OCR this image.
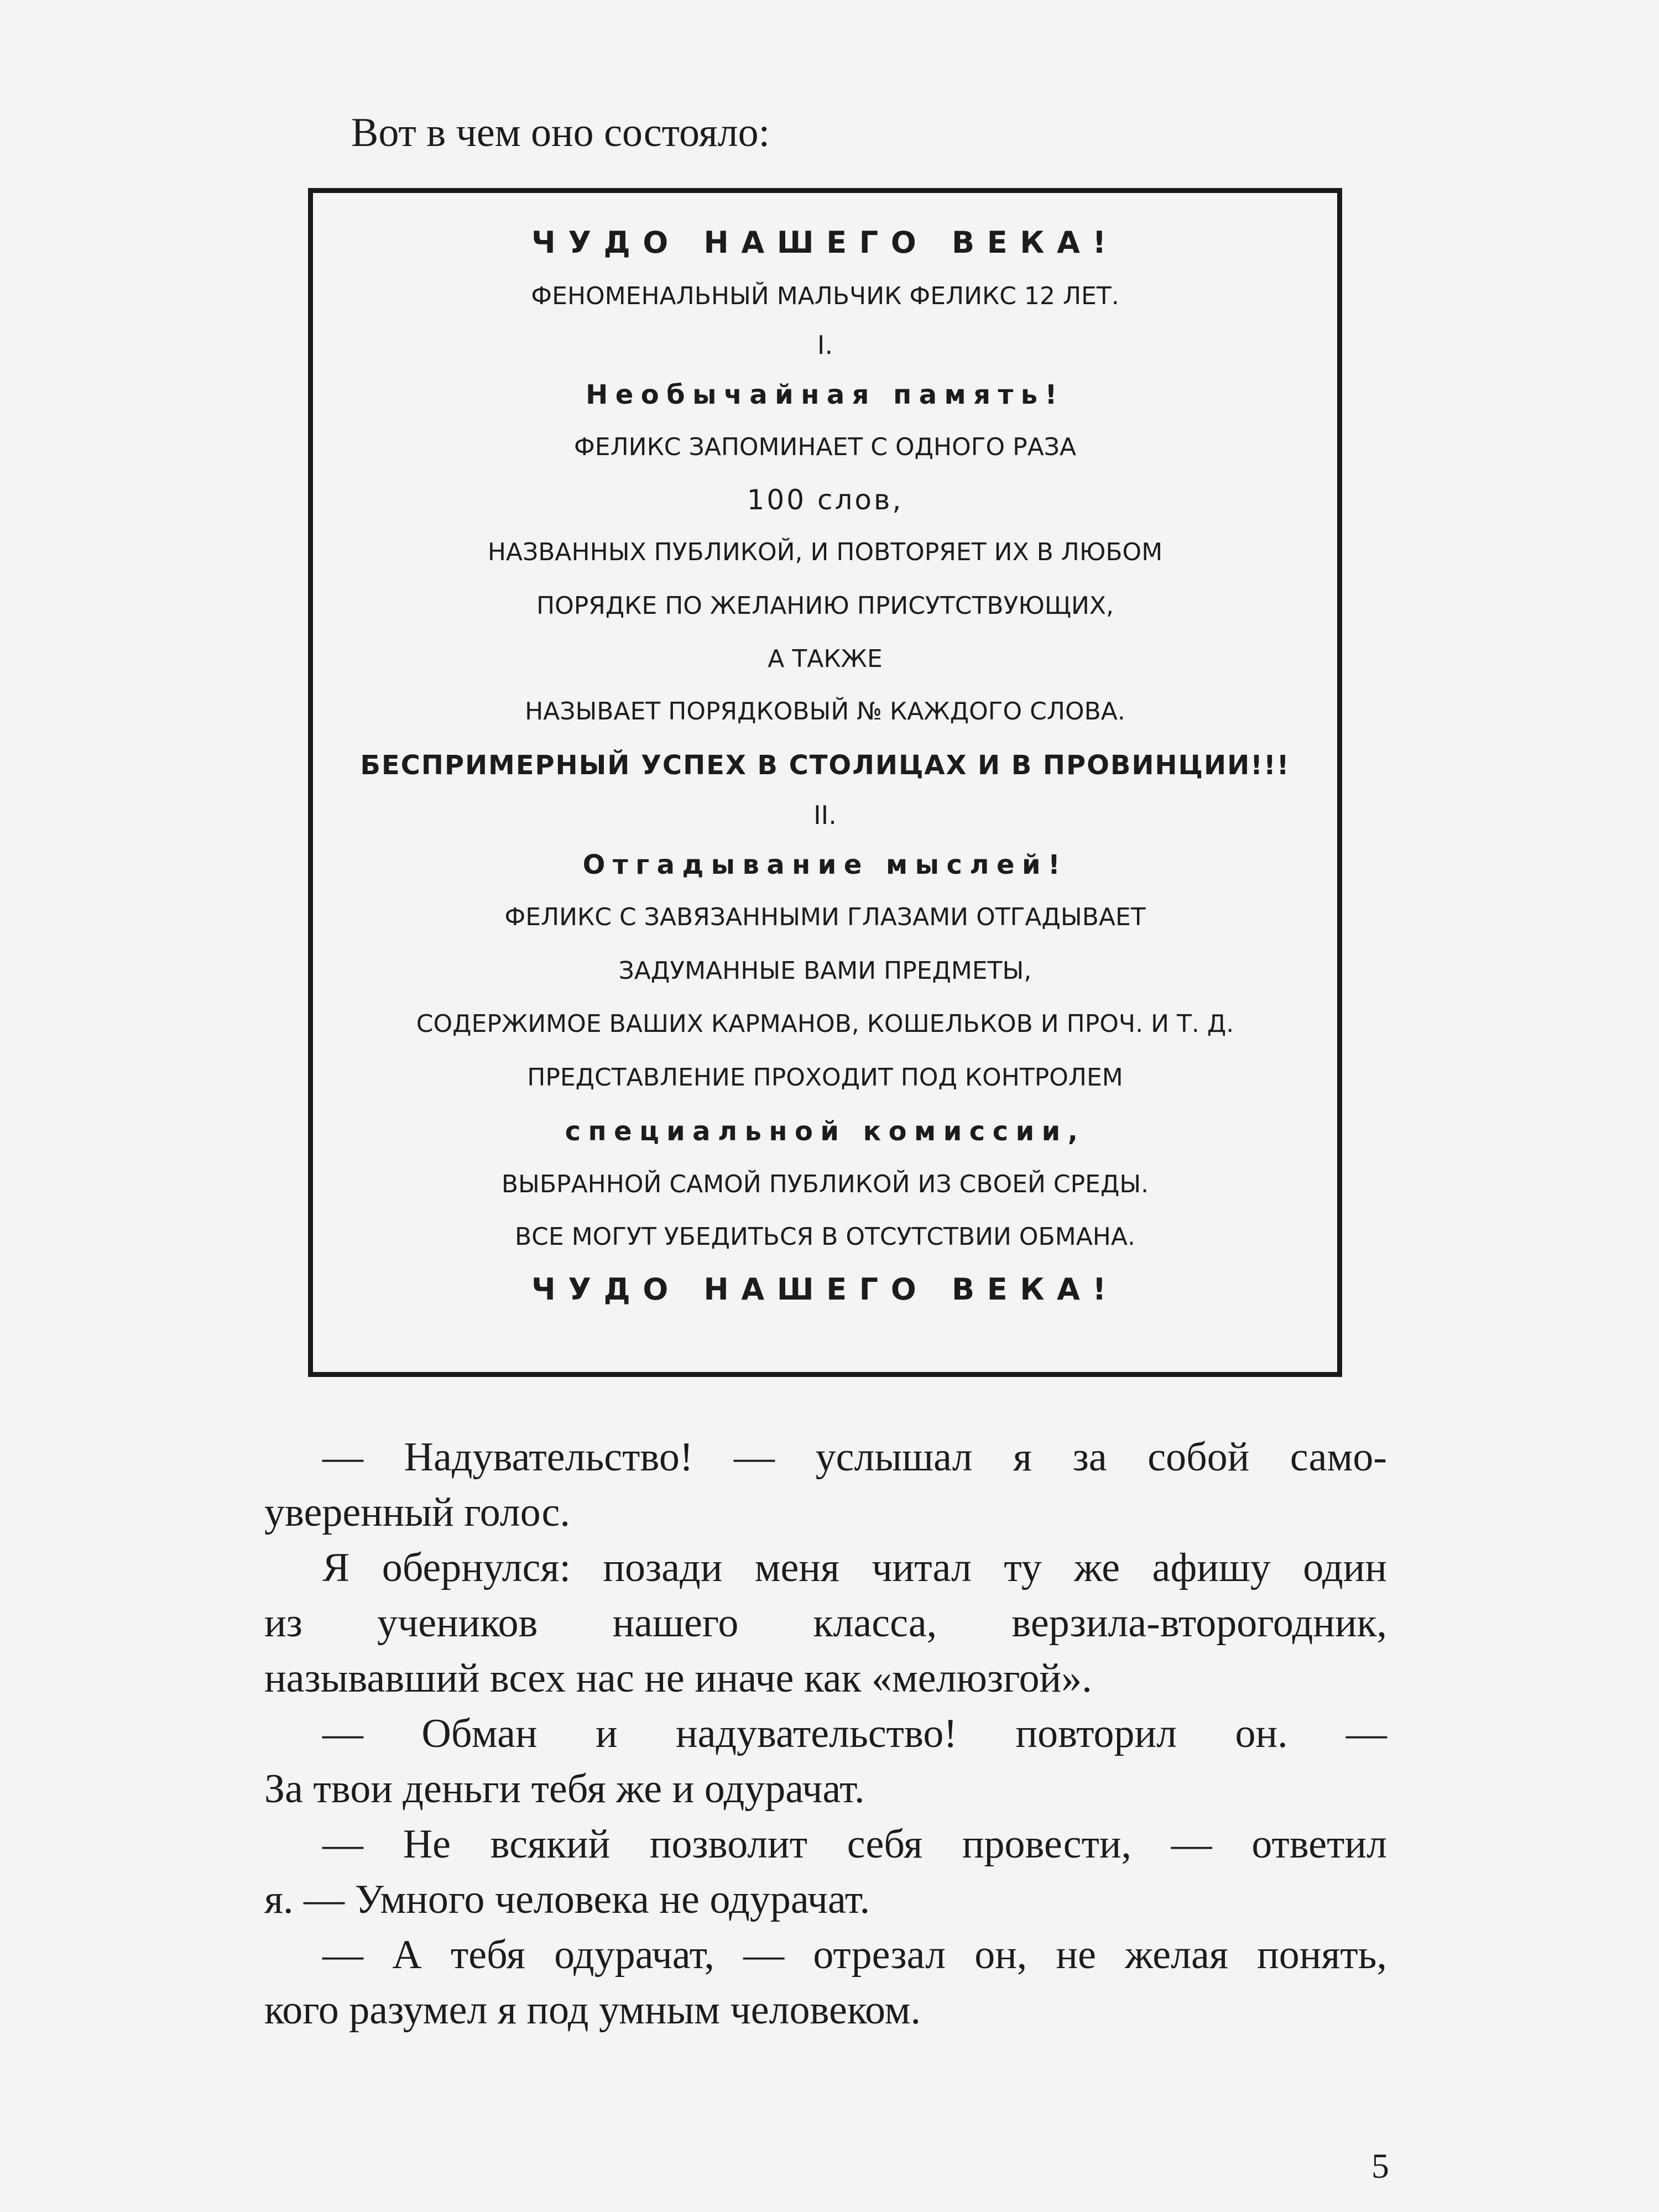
Вот в чем оно состояло:

ЧУДО НАШЕГО ВЕКА!

ФЕНОМЕНАЛЬНЫЙ МАЛЬЧИК ФЕЛИКС 12 ЛЕТ.

I.

Необычайная память!

ФЕЛИКС ЗАПОМИНАЕТ С ОДНОГО РАЗА

100 слов,

НАЗВАННЫХ ПУБЛИКОЙ, И ПОВТОРЯЕТ ИХ В ЛЮБОМ

ПОРЯДКЕ ПО ЖЕЛАНИЮ ПРИСУТСТВУЮЩИХ,

А ТАКЖЕ

НАЗЫВАЕТ ПОРЯДКОВЫЙ № КАЖДОГО СЛОВА.

БЕСПРИМЕРНЫЙ УСПЕХ В СТОЛИЦАХ И В ПРОВИНЦИИ!!!

II.

Отгадывание мыслей!

ФЕЛИКС С ЗАВЯЗАННЫМИ ГЛАЗАМИ ОТГАДЫВАЕТ

ЗАДУМАННЫЕ ВАМИ ПРЕДМЕТЫ,

СОДЕРЖИМОЕ ВАШИХ КАРМАНОВ, КОШЕЛЬКОВ И ПРОЧ. И Т. Д.

ПРЕДСТАВЛЕНИЕ ПРОХОДИТ ПОД КОНТРОЛЕМ

специальной комиссии,

ВЫБРАННОЙ САМОЙ ПУБЛИКОЙ ИЗ СВОЕЙ СРЕДЫ.

ВСЕ МОГУТ УБЕДИТЬСЯ В ОТСУТСТВИИ ОБМАНА.

ЧУДО НАШЕГО ВЕКА!

— Надувательство! — услышал я за собой само-

уверенный голос.

Я обернулся: позади меня читал ту же афишу один

из учеников нашего класса, верзила-второгодник,

называвший всех нас не иначе как «мелюзгой».

— Обман и надувательство! повторил он. —

За твои деньги тебя же и одурачат.

— Не всякий позволит себя провести, — ответил

я. — Умного человека не одурачат.

— А тебя одурачат, — отрезал он, не желая понять,

кого разумел я под умным человеком.

5
